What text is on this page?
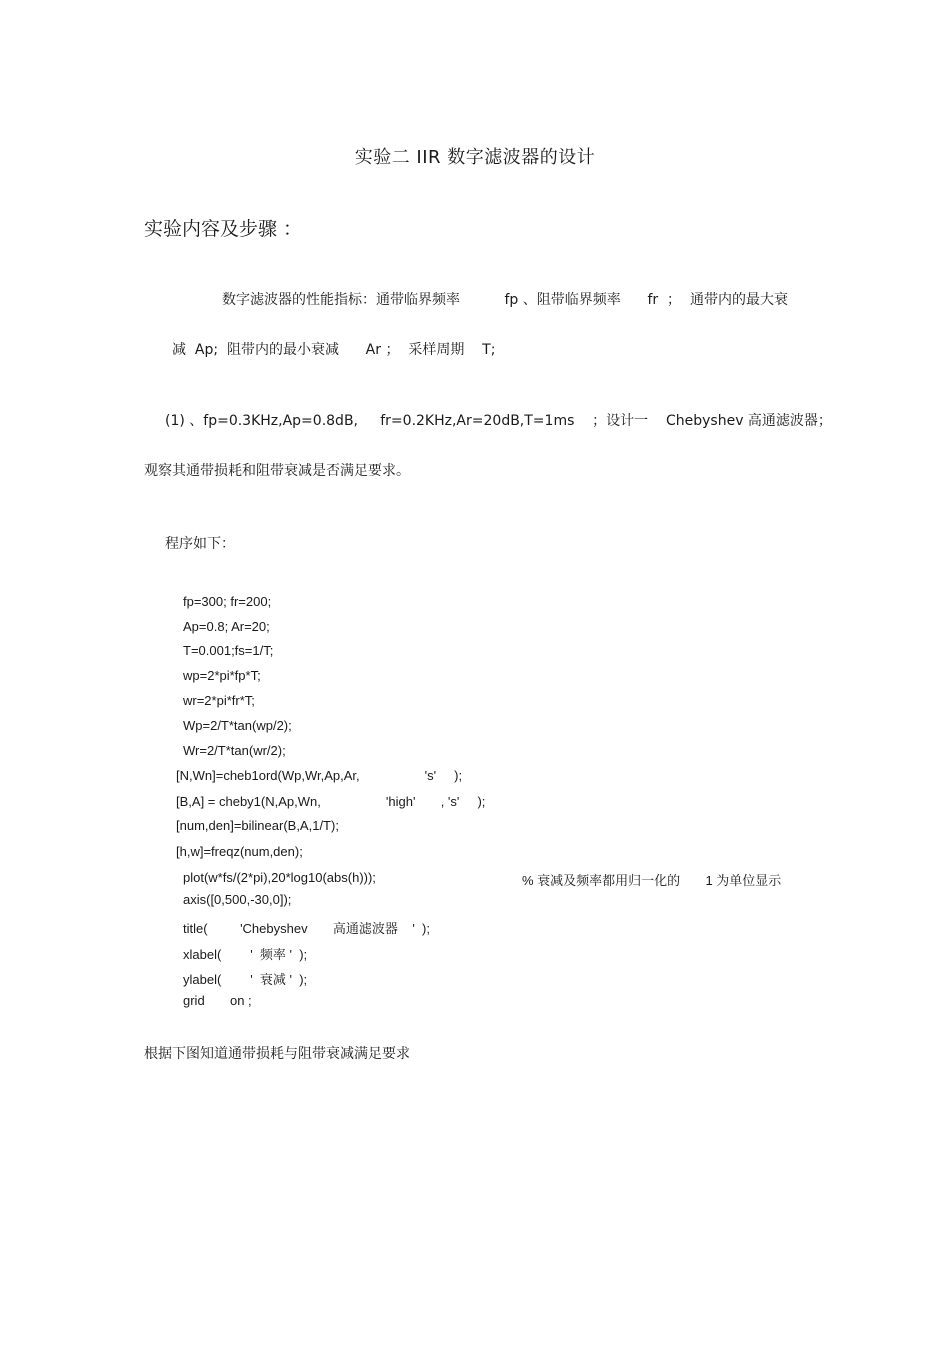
实验二 IIR 数字滤波器的设计
实验内容及步骤 ：
数字滤波器的性能指标：通带临界频率          fp 、阻带临界频率      fr  ；  通带内的最大衰
减  Ap;  阻带内的最小衰减      Ar ；  采样周期    T;
(1) 、fp=0.3KHz,Ap=0.8dB,     fr=0.2KHz,Ar=20dB,T=1ms    ；设计一    Chebyshev 高通滤波器；
观察其通带损耗和阻带衰减是否满足要求。
程序如下：
fp=300; fr=200;
Ap=0.8; Ar=20;
T=0.001;fs=1/T;
wp=2*pi*fp*T;
wr=2*pi*fr*T;
Wp=2/T*tan(wp/2);
Wr=2/T*tan(wr/2);
[N,Wn]=cheb1ord(Wp,Wr,Ap,Ar,                  's'     );
[B,A] = cheby1(N,Ap,Wn,                  'high'       , 's'     );
[num,den]=bilinear(B,A,1/T);
[h,w]=freqz(num,den);
plot(w*fs/(2*pi),20*log10(abs(h)));	% 衰减及频率都用归一化的       1 为单位显示
axis([0,500,-30,0]);
title(         'Chebyshev       高通滤波器    '  );
xlabel(        '  频率 '  );
ylabel(        '  衰减 '  );
grid       on ;
根据下图知道通带损耗与阻带衰减满足要求
